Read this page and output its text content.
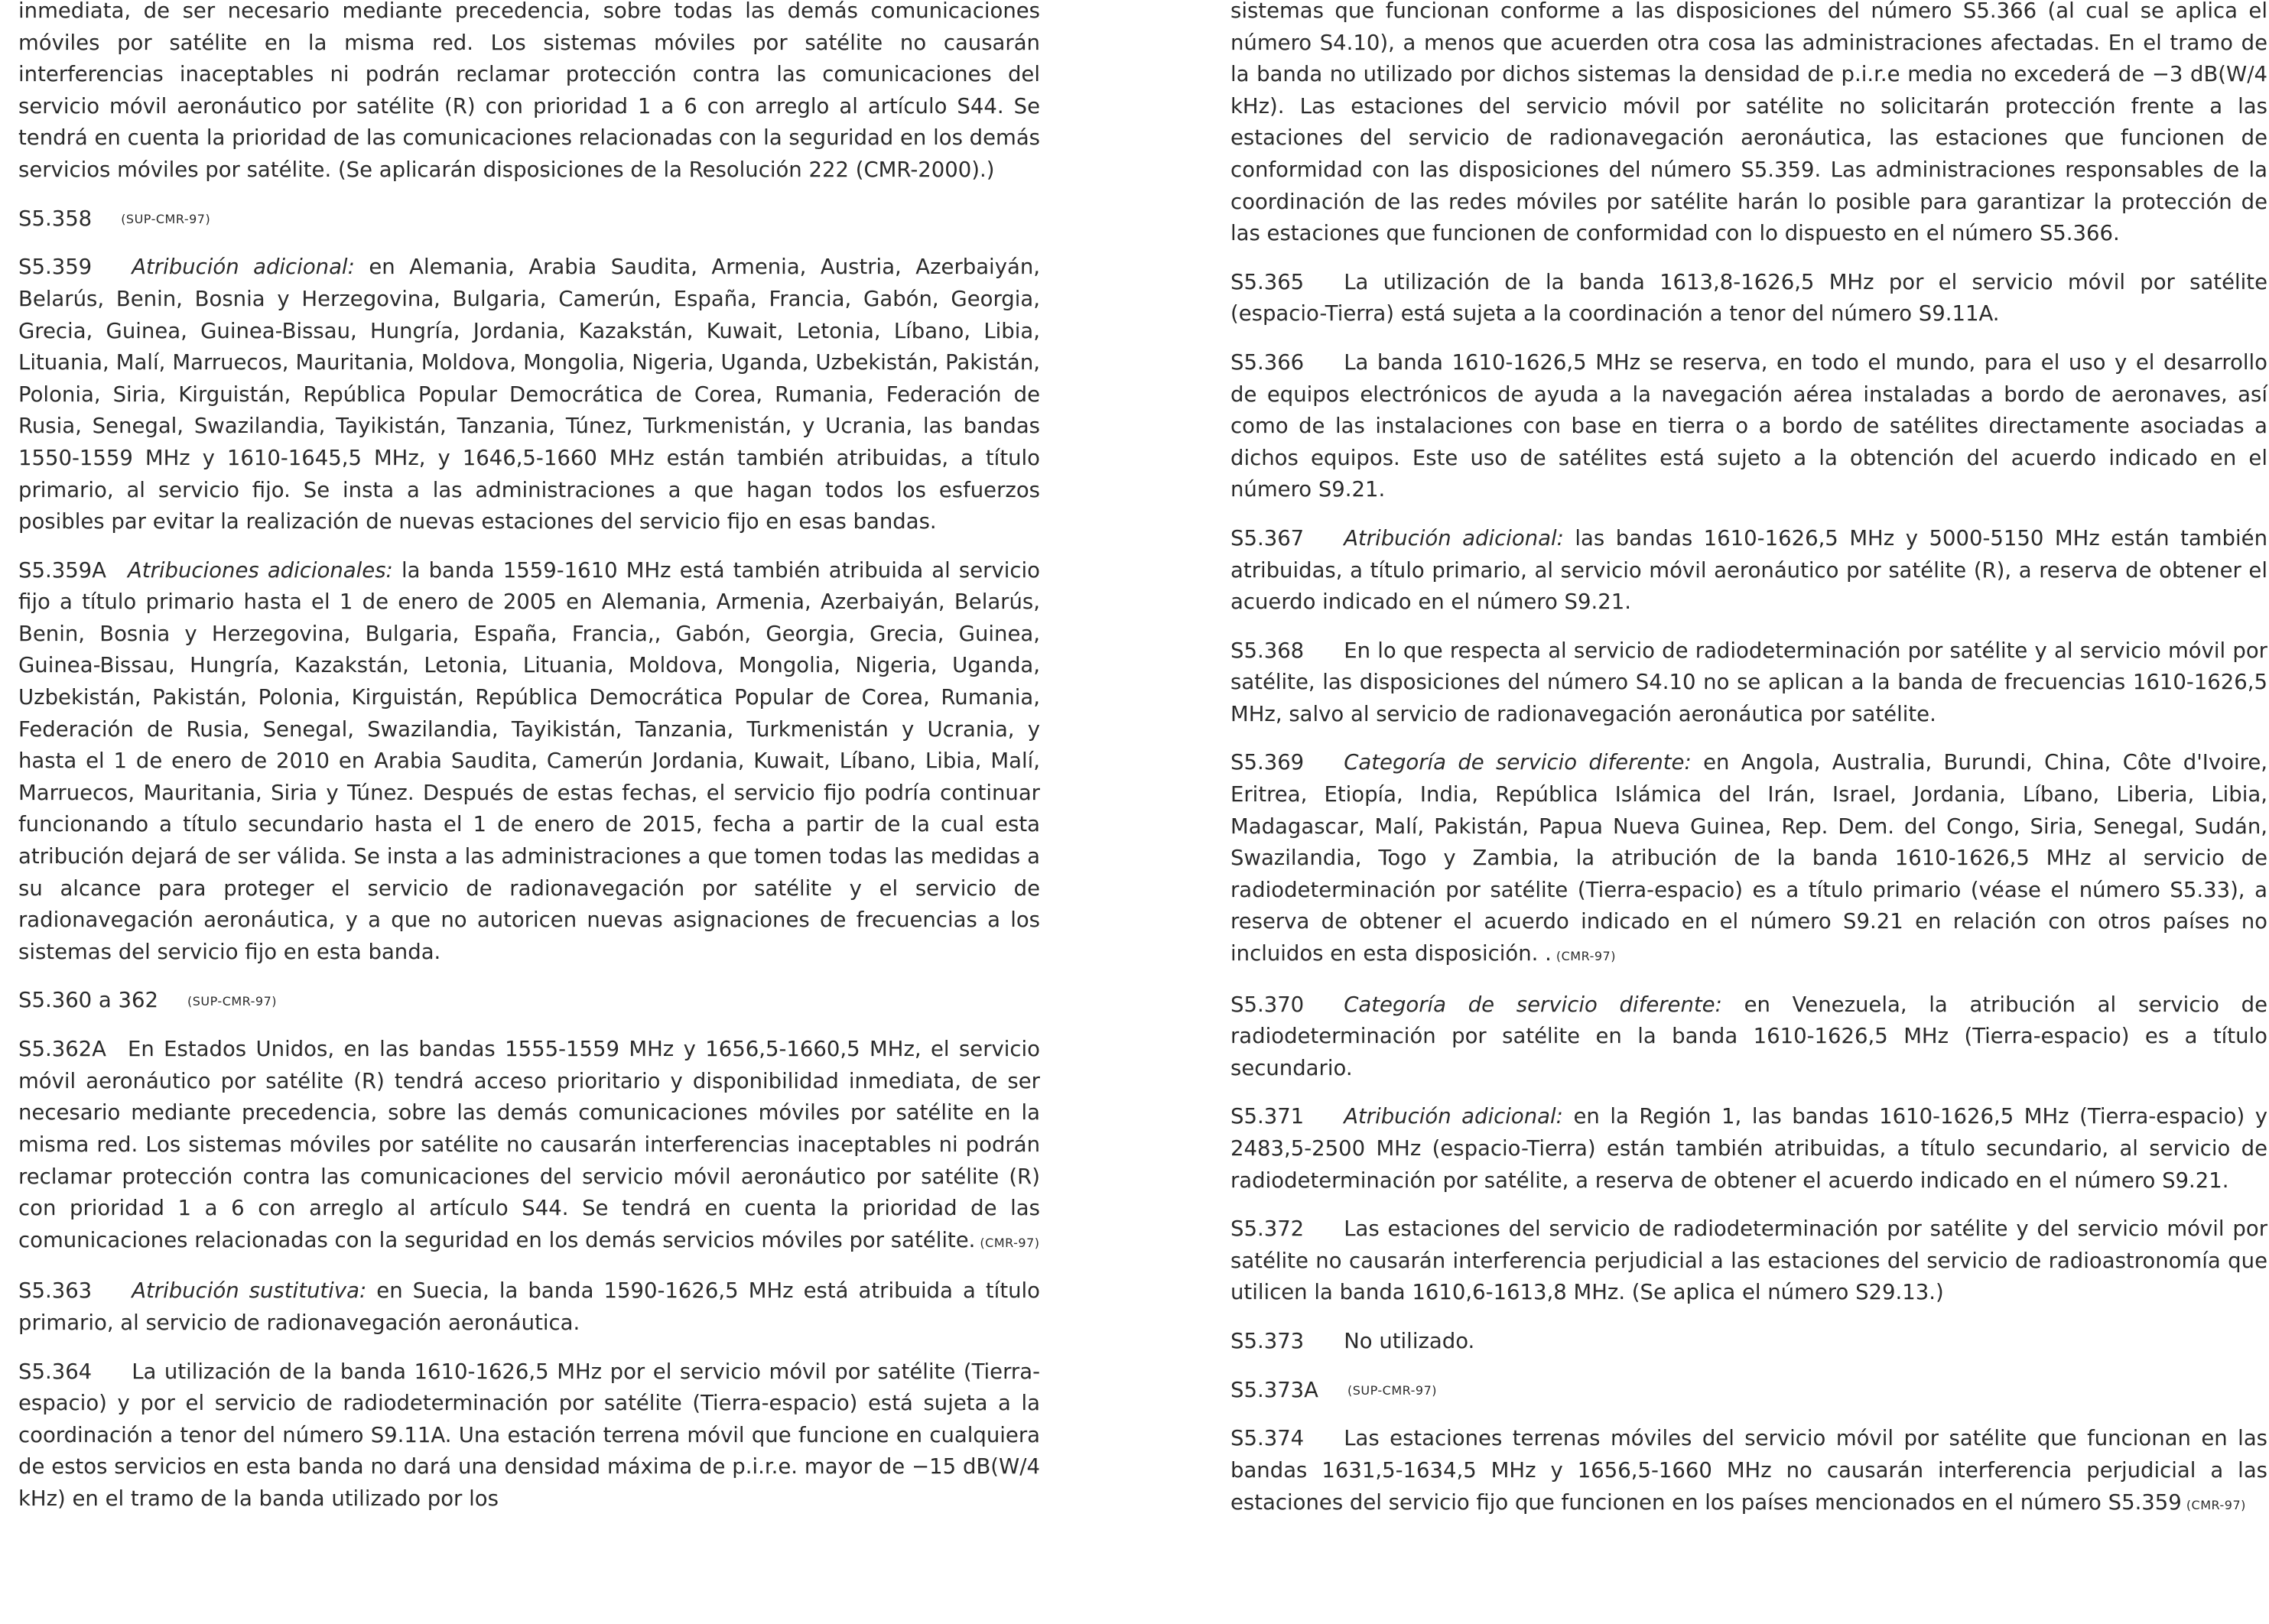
inmediata, de ser necesario mediante precedencia, sobre todas las demás comunicaciones móviles por satélite en la misma red. Los sistemas móviles por satélite no causarán interferencias inaceptables ni podrán reclamar protección contra las comunicaciones del servicio móvil aeronáutico por satélite (R) con prioridad 1 a 6 con arreglo al artículo S44. Se tendrá en cuenta la prioridad de las comunicaciones relacionadas con la seguridad en los demás servicios móviles por satélite. (Se aplicarán disposiciones de la Resolución 222 (CMR-2000).)

S5.358 (SUP-CMR-97)

S5.359 Atribución adicional: en Alemania, Arabia Saudita, Armenia, Austria, Azerbaiyán, Belarús, Benin, Bosnia y Herzegovina, Bulgaria, Camerún, España, Francia, Gabón, Georgia, Grecia, Guinea, Guinea-Bissau, Hungría, Jordania, Kazakstán, Kuwait, Letonia, Líbano, Libia, Lituania, Malí, Marruecos, Mauritania, Moldova, Mongolia, Nigeria, Uganda, Uzbekistán, Pakistán, Polonia, Siria, Kirguistán, República Popular Democrática de Corea, Rumania, Federación de Rusia, Senegal, Swazilandia, Tayikistán, Tanzania, Túnez, Turkmenistán, y Ucrania, las bandas 1550-1559 MHz y 1610-1645,5 MHz, y 1646,5-1660 MHz están también atribuidas, a título primario, al servicio fijo. Se insta a las administraciones a que hagan todos los esfuerzos posibles par evitar la realización de nuevas estaciones del servicio fijo en esas bandas.

S5.359A Atribuciones adicionales: la banda 1559-1610 MHz está también atribuida al servicio fijo a título primario hasta el 1 de enero de 2005 en Alemania, Armenia, Azerbaiyán, Belarús, Benin, Bosnia y Herzegovina, Bulgaria, España, Francia,, Gabón, Georgia, Grecia, Guinea, Guinea-Bissau, Hungría, Kazakstán, Letonia, Lituania, Moldova, Mongolia, Nigeria, Uganda, Uzbekistán, Pakistán, Polonia, Kirguistán, República Democrática Popular de Corea, Rumania, Federación de Rusia, Senegal, Swazilandia, Tayikistán, Tanzania, Turkmenistán y Ucrania, y hasta el 1 de enero de 2010 en Arabia Saudita, Camerún Jordania, Kuwait, Líbano, Libia, Malí, Marruecos, Mauritania, Siria y Túnez. Después de estas fechas, el servicio fijo podría continuar funcionando a título secundario hasta el 1 de enero de 2015, fecha a partir de la cual esta atribución dejará de ser válida. Se insta a las administraciones a que tomen todas las medidas a su alcance para proteger el servicio de radionavegación por satélite y el servicio de radionavegación aeronáutica, y a que no autoricen nuevas asignaciones de frecuencias a los sistemas del servicio fijo en esta banda.

S5.360 a 362 (SUP-CMR-97)

S5.362A En Estados Unidos, en las bandas 1555-1559 MHz y 1656,5-1660,5 MHz, el servicio móvil aeronáutico por satélite (R) tendrá acceso prioritario y disponibilidad inmediata, de ser necesario mediante precedencia, sobre las demás comunicaciones móviles por satélite en la misma red. Los sistemas móviles por satélite no causarán interferencias inaceptables ni podrán reclamar protección contra las comunicaciones del servicio móvil aeronáutico por satélite (R) con prioridad 1 a 6 con arreglo al artículo S44. Se tendrá en cuenta la prioridad de las comunicaciones relacionadas con la seguridad en los demás servicios móviles por satélite. (CMR-97)

S5.363 Atribución sustitutiva: en Suecia, la banda 1590-1626,5 MHz está atribuida a título primario, al servicio de radionavegación aeronáutica.

S5.364 La utilización de la banda 1610-1626,5 MHz por el servicio móvil por satélite (Tierra-espacio) y por el servicio de radiodeterminación por satélite (Tierra-espacio) está sujeta a la coordinación a tenor del número S9.11A. Una estación terrena móvil que funcione en cualquiera de estos servicios en esta banda no dará una densidad máxima de p.i.r.e. mayor de −15 dB(W/4 kHz) en el tramo de la banda utilizado por los

sistemas que funcionan conforme a las disposiciones del número S5.366 (al cual se aplica el número S4.10), a menos que acuerden otra cosa las administraciones afectadas. En el tramo de la banda no utilizado por dichos sistemas la densidad de p.i.r.e media no excederá de −3 dB(W/4 kHz). Las estaciones del servicio móvil por satélite no solicitarán protección frente a las estaciones del servicio de radionavegación aeronáutica, las estaciones que funcionen de conformidad con las disposiciones del número S5.359. Las administraciones responsables de la coordinación de las redes móviles por satélite harán lo posible para garantizar la protección de las estaciones que funcionen de conformidad con lo dispuesto en el número S5.366.

S5.365 La utilización de la banda 1613,8-1626,5 MHz por el servicio móvil por satélite (espacio-Tierra) está sujeta a la coordinación a tenor del número S9.11A.

S5.366 La banda 1610-1626,5 MHz se reserva, en todo el mundo, para el uso y el desarrollo de equipos electrónicos de ayuda a la navegación aérea instaladas a bordo de aeronaves, así como de las instalaciones con base en tierra o a bordo de satélites directamente asociadas a dichos equipos. Este uso de satélites está sujeto a la obtención del acuerdo indicado en el número S9.21.

S5.367 Atribución adicional: las bandas 1610-1626,5 MHz y 5000-5150 MHz están también atribuidas, a título primario, al servicio móvil aeronáutico por satélite (R), a reserva de obtener el acuerdo indicado en el número S9.21.

S5.368 En lo que respecta al servicio de radiodeterminación por satélite y al servicio móvil por satélite, las disposiciones del número S4.10 no se aplican a la banda de frecuencias 1610-1626,5 MHz, salvo al servicio de radionavegación aeronáutica por satélite.

S5.369 Categoría de servicio diferente: en Angola, Australia, Burundi, China, Côte d'Ivoire, Eritrea, Etiopía, India, República Islámica del Irán, Israel, Jordania, Líbano, Liberia, Libia, Madagascar, Malí, Pakistán, Papua Nueva Guinea, Rep. Dem. del Congo, Siria, Senegal, Sudán, Swazilandia, Togo y Zambia, la atribución de la banda 1610-1626,5 MHz al servicio de radiodeterminación por satélite (Tierra-espacio) es a título primario (véase el número S5.33), a reserva de obtener el acuerdo indicado en el número S9.21 en relación con otros países no incluidos en esta disposición. . (CMR-97)

S5.370 Categoría de servicio diferente: en Venezuela, la atribución al servicio de radiodeterminación por satélite en la banda 1610-1626,5 MHz (Tierra-espacio) es a título secundario.

S5.371 Atribución adicional: en la Región 1, las bandas 1610-1626,5 MHz (Tierra-espacio) y 2483,5-2500 MHz (espacio-Tierra) están también atribuidas, a título secundario, al servicio de radiodeterminación por satélite, a reserva de obtener el acuerdo indicado en el número S9.21.

S5.372 Las estaciones del servicio de radiodeterminación por satélite y del servicio móvil por satélite no causarán interferencia perjudicial a las estaciones del servicio de radioastronomía que utilicen la banda 1610,6-1613,8 MHz. (Se aplica el número S29.13.)

S5.373 No utilizado.

S5.373A (SUP-CMR-97)

S5.374 Las estaciones terrenas móviles del servicio móvil por satélite que funcionan en las bandas 1631,5-1634,5 MHz y 1656,5-1660 MHz no causarán interferencia perjudicial a las estaciones del servicio fijo que funcionen en los países mencionados en el número S5.359 (CMR-97)
